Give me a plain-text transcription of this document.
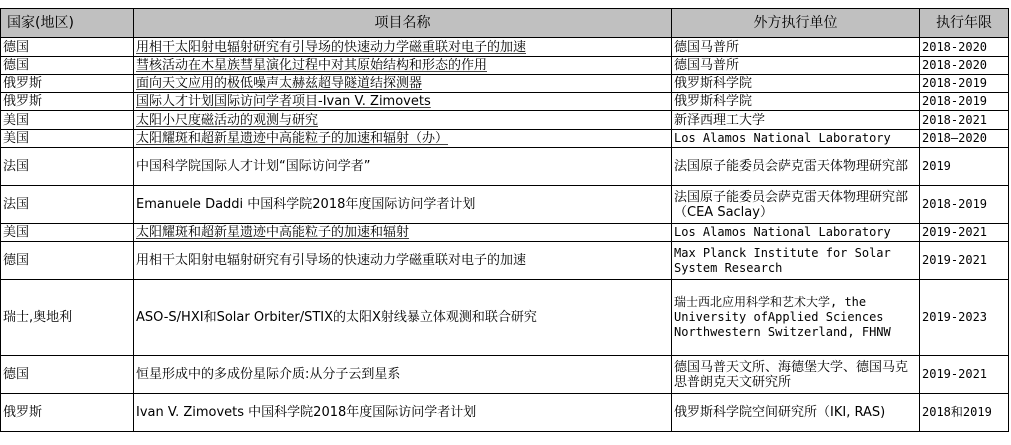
国家(地区)	项目名称	外方执行单位	执行年限
德国	用相干太阳射电辐射研究有引导场的快速动力学磁重联对电子的加速	德国马普所	2018-2020
德国	彗核活动在木星族彗星演化过程中对其原始结构和形态的作用	德国马普所	2018-2020
俄罗斯	面向天文应用的极低噪声太赫兹超导隧道结探测器	俄罗斯科学院	2018-2019
俄罗斯	国际人才计划国际访问学者项目-Ivan V. Zimovets	俄罗斯科学院	2018-2019
美国	太阳小尺度磁活动的观测与研究	新泽西理工大学	2018-2021
美国	太阳耀斑和超新星遗迹中高能粒子的加速和辐射（办）	Los Alamos National Laboratory	2018—2020
法国	中国科学院国际人才计划“国际访问学者”	法国原子能委员会萨克雷天体物理研究部	2019
法国	Emanuele Daddi 中国科学院2018年度国际访问学者计划	法国原子能委员会萨克雷天体物理研究部（CEA Saclay）	2018-2019
美国	太阳耀斑和超新星遗迹中高能粒子的加速和辐射	Los Alamos National Laboratory	2019-2021
德国	用相干太阳射电辐射研究有引导场的快速动力学磁重联对电子的加速	Max Planck Institute for Solar System Research	2019-2021
瑞士,奥地利	ASO-S/HXI和Solar Orbiter/STIX的太阳X射线暴立体观测和联合研究	瑞士西北应用科学和艺术大学, the University ofApplied Sciences Northwestern Switzerland, FHNW	2019-2023
德国	恒星形成中的多成份星际介质:从分子云到星系	德国马普天文所、海德堡大学、德国马克思普朗克天文研究所	2019-2021
俄罗斯	Ivan V. Zimovets 中国科学院2018年度国际访问学者计划	俄罗斯科学院空间研究所（IKI, RAS)	2018和2019
